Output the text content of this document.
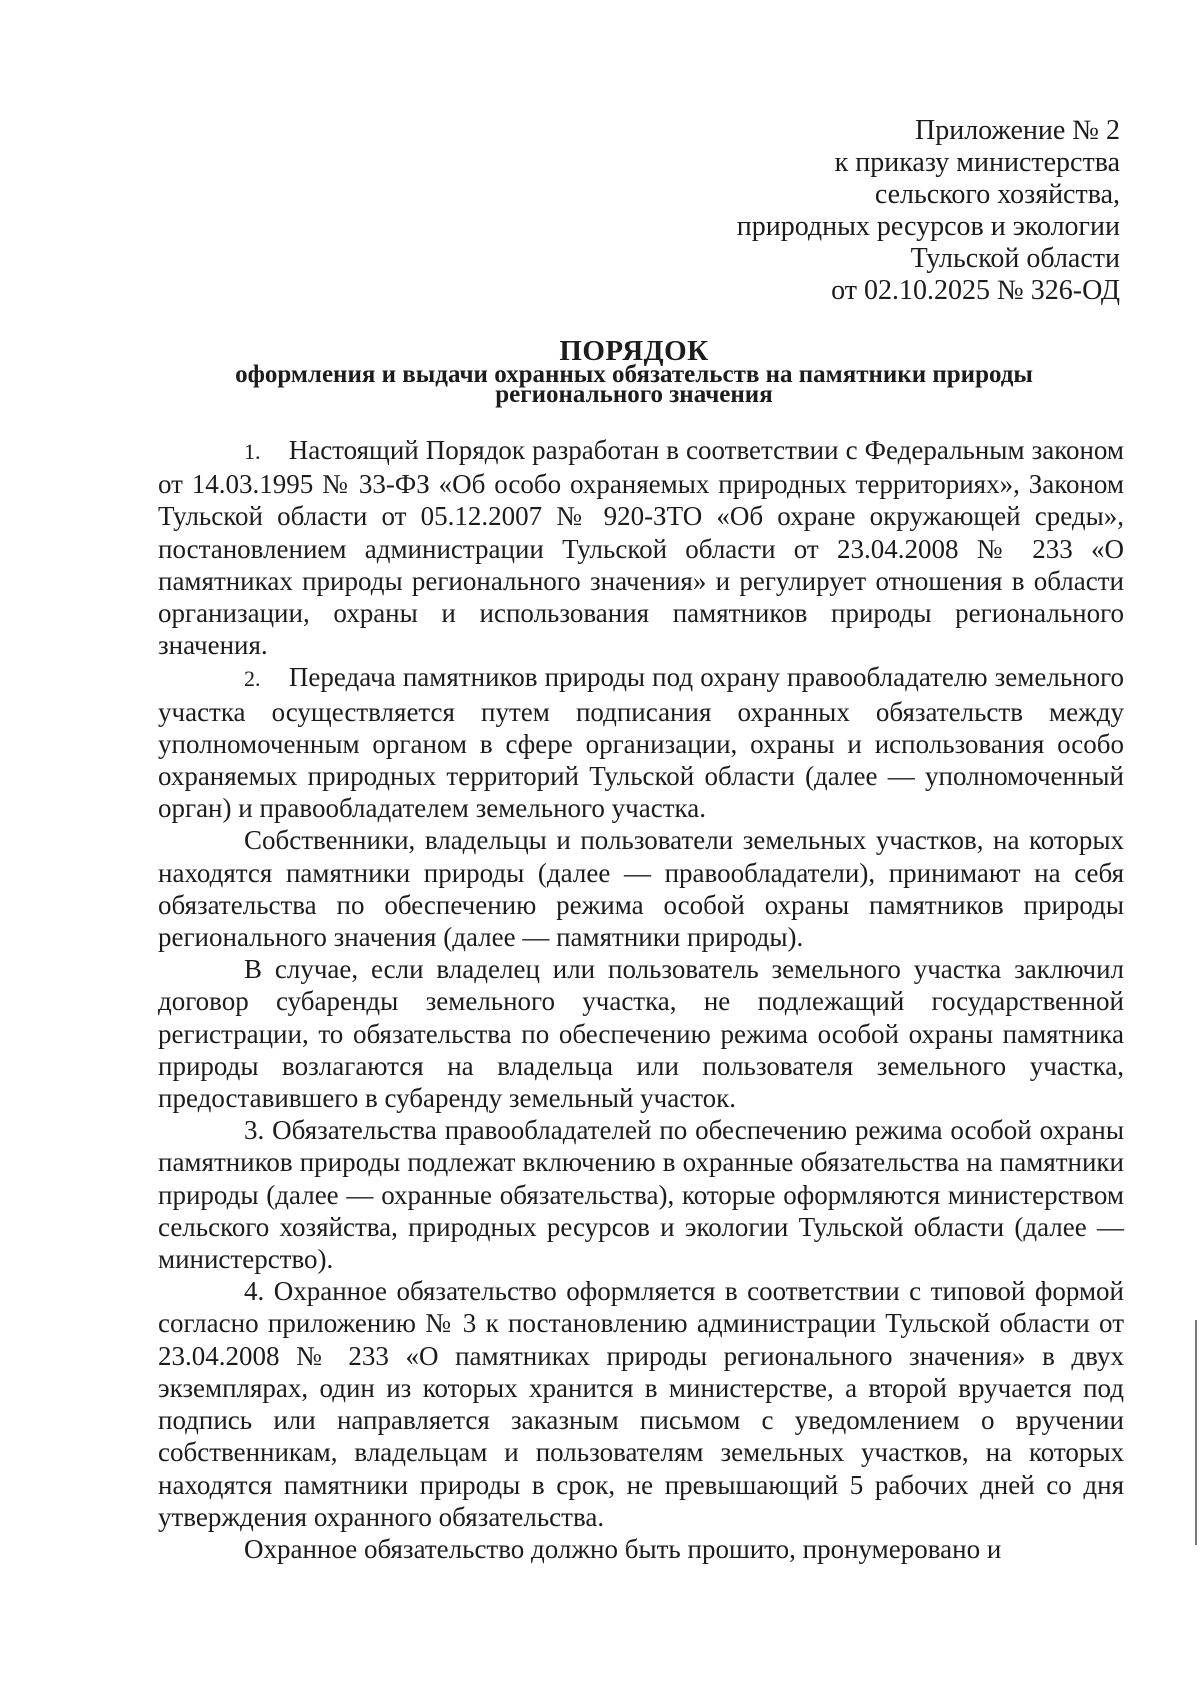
Приложение № 2
к приказу министерства
сельского хозяйства,
природных ресурсов и экологии
Тульской области
от 02.10.2025 № 326-ОД
ПОРЯДОК
оформления и выдачи охранных обязательств на памятники природы
регионального значения

1. Настоящий Порядок разработан в соответствии с Федеральным законом от 14.03.1995 № 33-ФЗ «Об особо охраняемых природных территориях», Законом Тульской области от 05.12.2007 № 920-ЗТО «Об охране окружающей среды», постановлением администрации Тульской области от 23.04.2008 № 233 «О памятниках природы регионального значения» и регулирует отношения в области организации, охраны и использования памятников природы регионального значения.

2. Передача памятников природы под охрану правообладателю земельного участка осуществляется путем подписания охранных обязательств между уполномоченным органом в сфере организации, охраны и использования особо охраняемых природных территорий Тульской области (далее — уполномоченный орган) и правообладателем земельного участка.

Собственники, владельцы и пользователи земельных участков, на которых находятся памятники природы (далее — правообладатели), принимают на себя обязательства по обеспечению режима особой охраны памятников природы регионального значения (далее — памятники природы).

В случае, если владелец или пользователь земельного участка заключил договор субаренды земельного участка, не подлежащий государственной регистрации, то обязательства по обеспечению режима особой охраны памятника природы возлагаются на владельца или пользователя земельного участка, предоставившего в субаренду земельный участок.

3. Обязательства правообладателей по обеспечению режима особой охраны памятников природы подлежат включению в охранные обязательства на памятники природы (далее — охранные обязательства), которые оформляются министерством сельского хозяйства, природных ресурсов и экологии Тульской области (далее — министерство).

4. Охранное обязательство оформляется в соответствии с типовой формой согласно приложению № 3 к постановлению администрации Тульской области от 23.04.2008 № 233 «О памятниках природы регионального значения» в двух экземплярах, один из которых хранится в министерстве, а второй вручается под подпись или направляется заказным письмом с уведомлением о вручении собственникам, владельцам и пользователям земельных участков, на которых находятся памятники природы в срок, не превышающий 5 рабочих дней со дня утверждения охранного обязательства.

Охранное обязательство должно быть прошито, пронумеровано и
